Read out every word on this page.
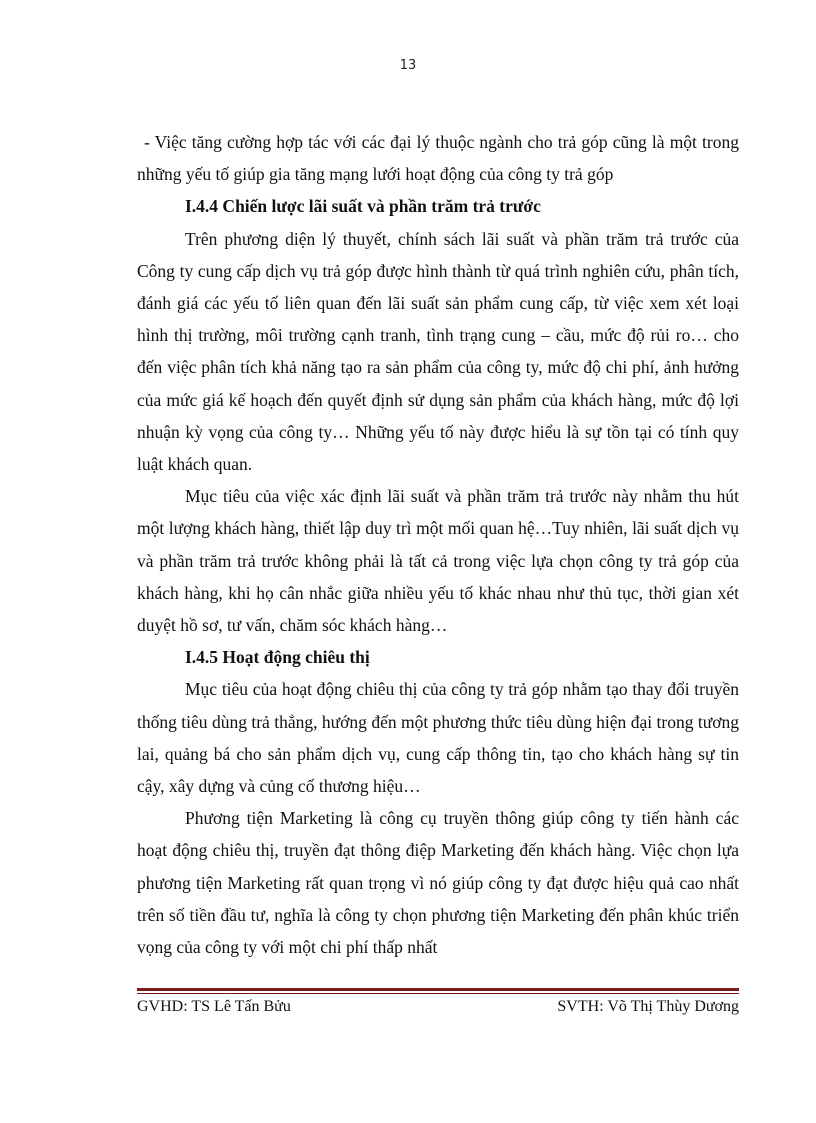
13

- Việc tăng cường hợp tác với các đại lý thuộc ngành cho trả góp cũng là một trong những yếu tố giúp gia tăng mạng lưới hoạt động của công ty trả góp

I.4.4 Chiến lược lãi suất và phần trăm trả trước

Trên phương diện lý thuyết, chính sách lãi suất và phần trăm trả trước của Công ty cung cấp dịch vụ trả góp được hình thành từ quá trình nghiên cứu, phân tích, đánh giá các yếu tố liên quan đến lãi suất sản phẩm cung cấp, từ việc xem xét loại hình thị trường, môi trường cạnh tranh, tình trạng cung – cầu, mức độ rủi ro… cho đến việc phân tích khả năng tạo ra sản phẩm của công ty, mức độ chi phí, ảnh hưởng của mức giá kế hoạch đến quyết định sử dụng sản phẩm của khách hàng, mức độ lợi nhuận kỳ vọng của công ty… Những yếu tố này được hiểu là sự tồn tại có tính quy luật khách quan.

Mục tiêu của việc xác định lãi suất và phần trăm trả trước này nhằm thu hút một lượng khách hàng, thiết lập duy trì một mối quan hệ…Tuy nhiên, lãi suất dịch vụ và phần trăm trả trước không phải là tất cả trong việc lựa chọn công ty trả góp của khách hàng, khi họ cân nhắc giữa nhiều yếu tố khác nhau như thủ tục, thời gian xét duyệt hồ sơ, tư vấn, chăm sóc khách hàng…

I.4.5 Hoạt động chiêu thị

Mục tiêu của hoạt động chiêu thị của công ty trả góp nhằm tạo thay đổi truyền thống tiêu dùng trả thẳng, hướng đến một phương thức tiêu dùng hiện đại trong tương lai, quảng bá cho sản phẩm dịch vụ, cung cấp thông tin, tạo cho khách hàng sự tin cậy, xây dựng và củng cố thương hiệu…

Phương tiện Marketing là công cụ truyền thông giúp công ty tiến hành các hoạt động chiêu thị, truyền đạt thông điệp Marketing đến khách hàng. Việc chọn lựa phương tiện Marketing rất quan trọng vì nó giúp công ty đạt được hiệu quả cao nhất trên số tiền đầu tư, nghĩa là công ty chọn phương tiện Marketing đến phân khúc triển vọng của công ty với một chi phí thấp nhất

GVHD: TS Lê Tấn Bửu	SVTH: Võ Thị Thùy Dương
